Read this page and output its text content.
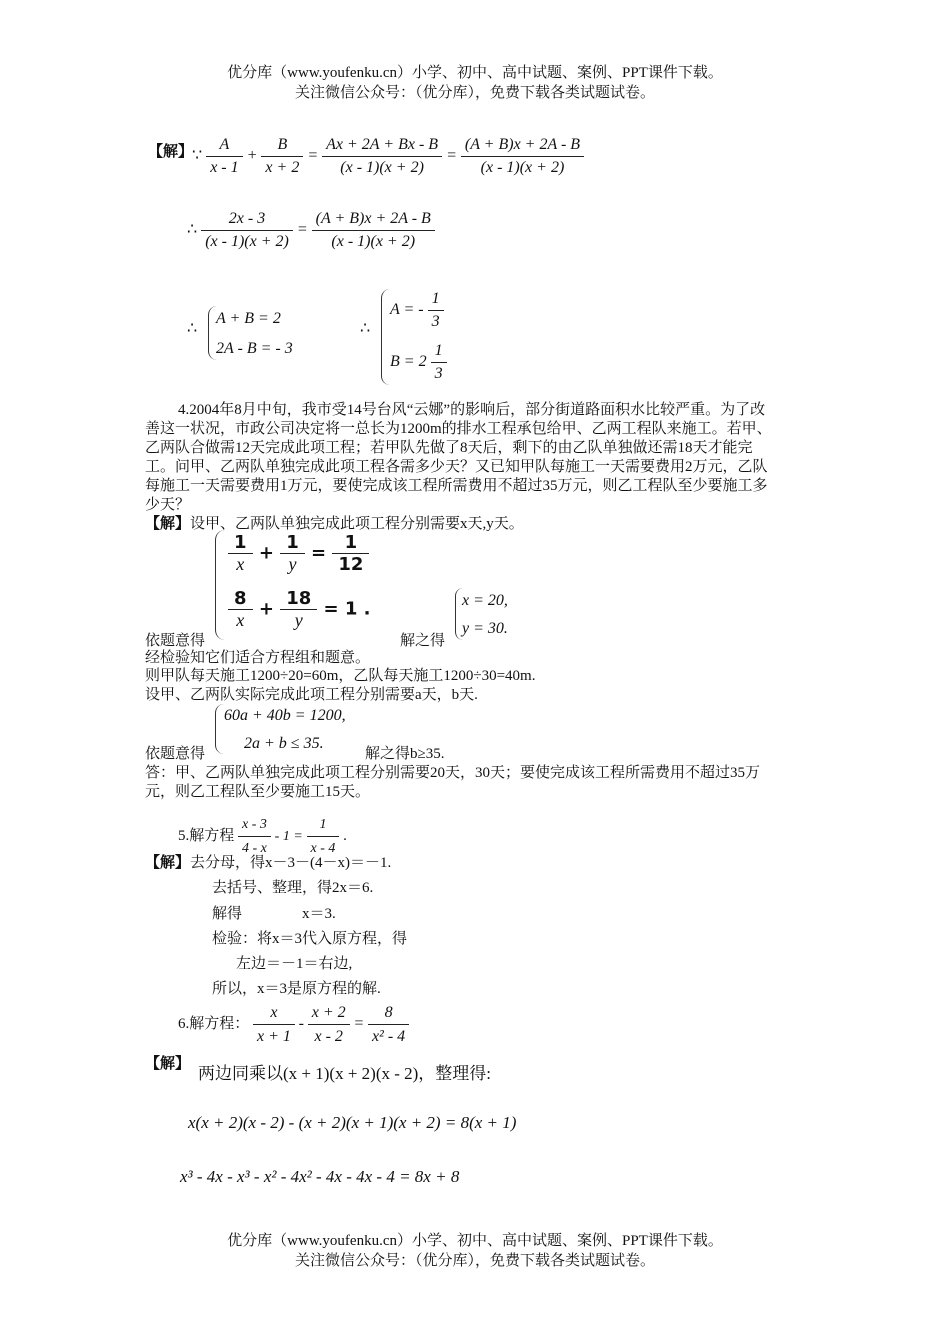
优分库（www.youfenku.cn）小学、初中、高中试题、案例、PPT课件下载。
关注微信公众号：（优分库），免费下载各类试题试卷。
【解】
∵ $\frac{A}{x - 1} + \frac{B}{x + 2} = \frac{Ax + 2A + Bx - B}{(x - 1)(x + 2)} = \frac{(A + B)x + 2A - B}{(x - 1)(x + 2)}$
∴ $\frac{2x - 3}{(x - 1)(x + 2)} = \frac{(A + B)x + 2A - B}{(x - 1)(x + 2)}$
∴
A + B = 2
2A - B = - 3
∴
A = - $\frac{1}{3}$
$B = 2 \frac{1}{3}$
4.2004年8月中旬，我市受14号台风“云娜”的影响后，部分街道路面积水比较严重。为了改善这一状况，市政公司决定将一总长为1200m的排水工程承包给甲、乙两工程队来施工。若甲、乙两队合做需12天完成此项工程；若甲队先做了8天后，剩下的由乙队单独做还需18天才能完工。问甲、乙两队单独完成此项工程各需多少天？又已知甲队每施工一天需要费用2万元，乙队每施工一天需要费用1万元，要使完成该工程所需费用不超过35万元，则乙工程队至少要施工多少天？
【解】设甲、乙两队单独完成此项工程分别需要x天,y天。
$\frac{1}{x} + \frac{1}{y} = \frac{1}{12}$
$\frac{8}{x} + \frac{18}{y} = 1$ .
依题意得	解之得
x = 20,
y = 30.
经检验知它们适合方程组和题意。
则甲队每天施工1200÷20=60m，乙队每天施工1200÷30=40m.
设甲、乙两队实际完成此项工程分别需要a天，b天.
60a + 40b = 1200,
2a + b ≤ 35.
依题意得	解之得b≥35.
答：甲、乙两队单独完成此项工程分别需要20天，30天；要使完成该工程所需费用不超过35万元，则乙工程队至少要施工15天。
5.解方程 $\frac{x - 3}{4 - x} - 1 = \frac{1}{x - 4}$ .
【解】去分母，得x－3－(4－x)＝－1.
去括号、整理，得2x＝6.
解得	x＝3.
检验：将x＝3代入原方程，得
左边＝－1＝右边,
所以，x＝3是原方程的解.
6.解方程： $\frac{x}{x + 1} - \frac{x + 2}{x - 2} = \frac{8}{\text{x² - 4}}$
【解】 两边同乘以(x + 1)(x + 2)(x - 2)，整理得:
x(x + 2)(x - 2) - (x + 2)(x + 1)(x + 2) = 8(x + 1)
x³ - 4x - x³ - x² - 4x² - 4x - 4x - 4 = 8x + 8
优分库（www.youfenku.cn）小学、初中、高中试题、案例、PPT课件下载。
关注微信公众号：（优分库），免费下载各类试题试卷。
